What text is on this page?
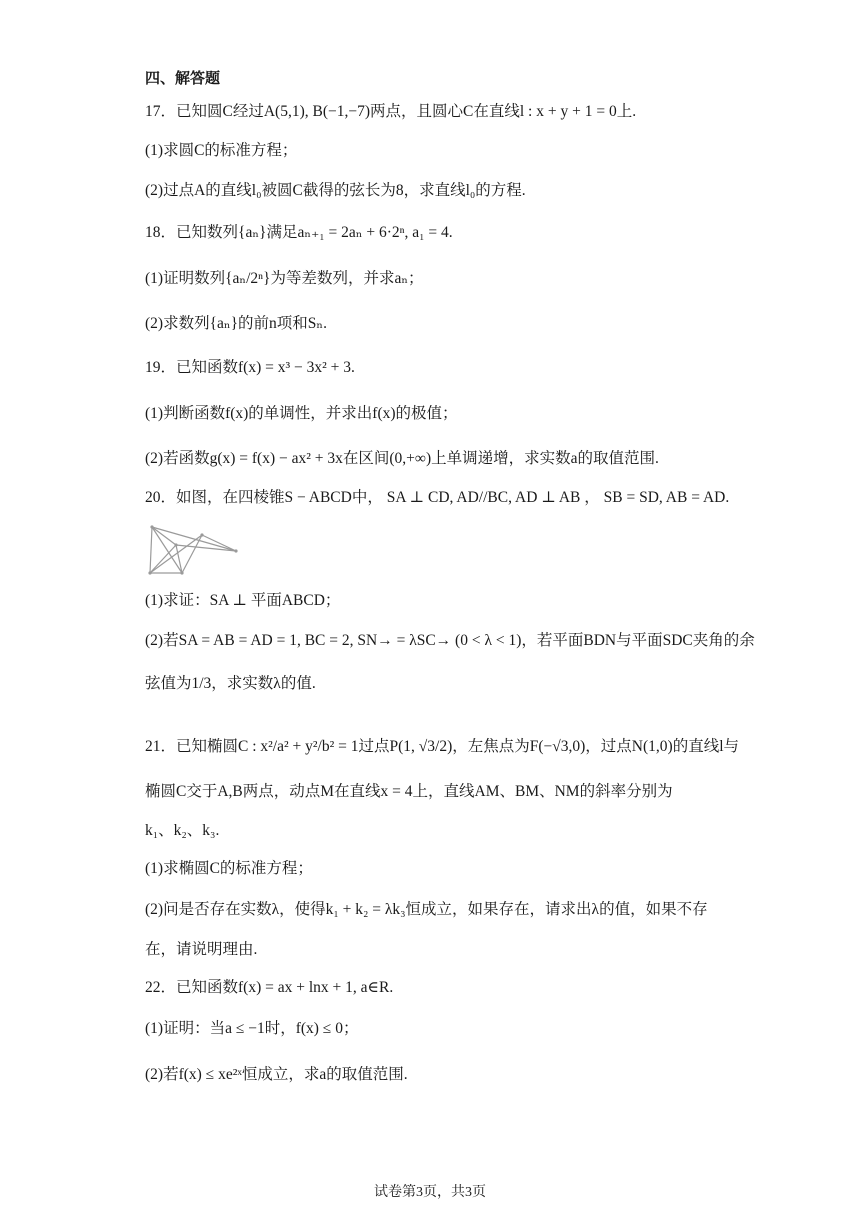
四、解答题
17．已知圆C经过A(5,1), B(−1,−7)两点，且圆心C在直线l : x + y + 1 = 0上.
(1)求圆C的标准方程；
(2)过点A的直线l₀被圆C截得的弦长为8，求直线l₀的方程.
18．已知数列{aₙ}满足aₙ₊₁ = 2aₙ + 6·2ⁿ, a₁ = 4.
(1)证明数列{aₙ/2ⁿ}为等差数列，并求aₙ；
(2)求数列{aₙ}的前n项和Sₙ.
19．已知函数f(x) = x³ − 3x² + 3.
(1)判断函数f(x)的单调性，并求出f(x)的极值；
(2)若函数g(x) = f(x) − ax² + 3x在区间(0,+∞)上单调递增，求实数a的取值范围.
20．如图，在四棱锥S − ABCD中， SA ⊥ CD, AD//BC, AD ⊥ AB ， SB = SD, AB = AD.
(1)求证：SA ⊥ 平面ABCD；
(2)若SA = AB = AD = 1, BC = 2, SN→ = λSC→ (0 < λ < 1)，若平面BDN与平面SDC夹角的余
弦值为1/3，求实数λ的值.
21．已知椭圆C : x²/a² + y²/b² = 1过点P(1, √3/2)，左焦点为F(−√3,0)，过点N(1,0)的直线l与
椭圆C交于A,B两点，动点M在直线x = 4上，直线AM、BM、NM的斜率分别为
k₁、k₂、k₃.
(1)求椭圆C的标准方程；
(2)问是否存在实数λ，使得k₁ + k₂ = λk₃恒成立，如果存在，请求出λ的值，如果不存
在，请说明理由.
22．已知函数f(x) = ax + lnx + 1, a∈R.
(1)证明：当a ≤ −1时，f(x) ≤ 0；
(2)若f(x) ≤ xe²ˣ恒成立，求a的取值范围.
试卷第3页，共3页
